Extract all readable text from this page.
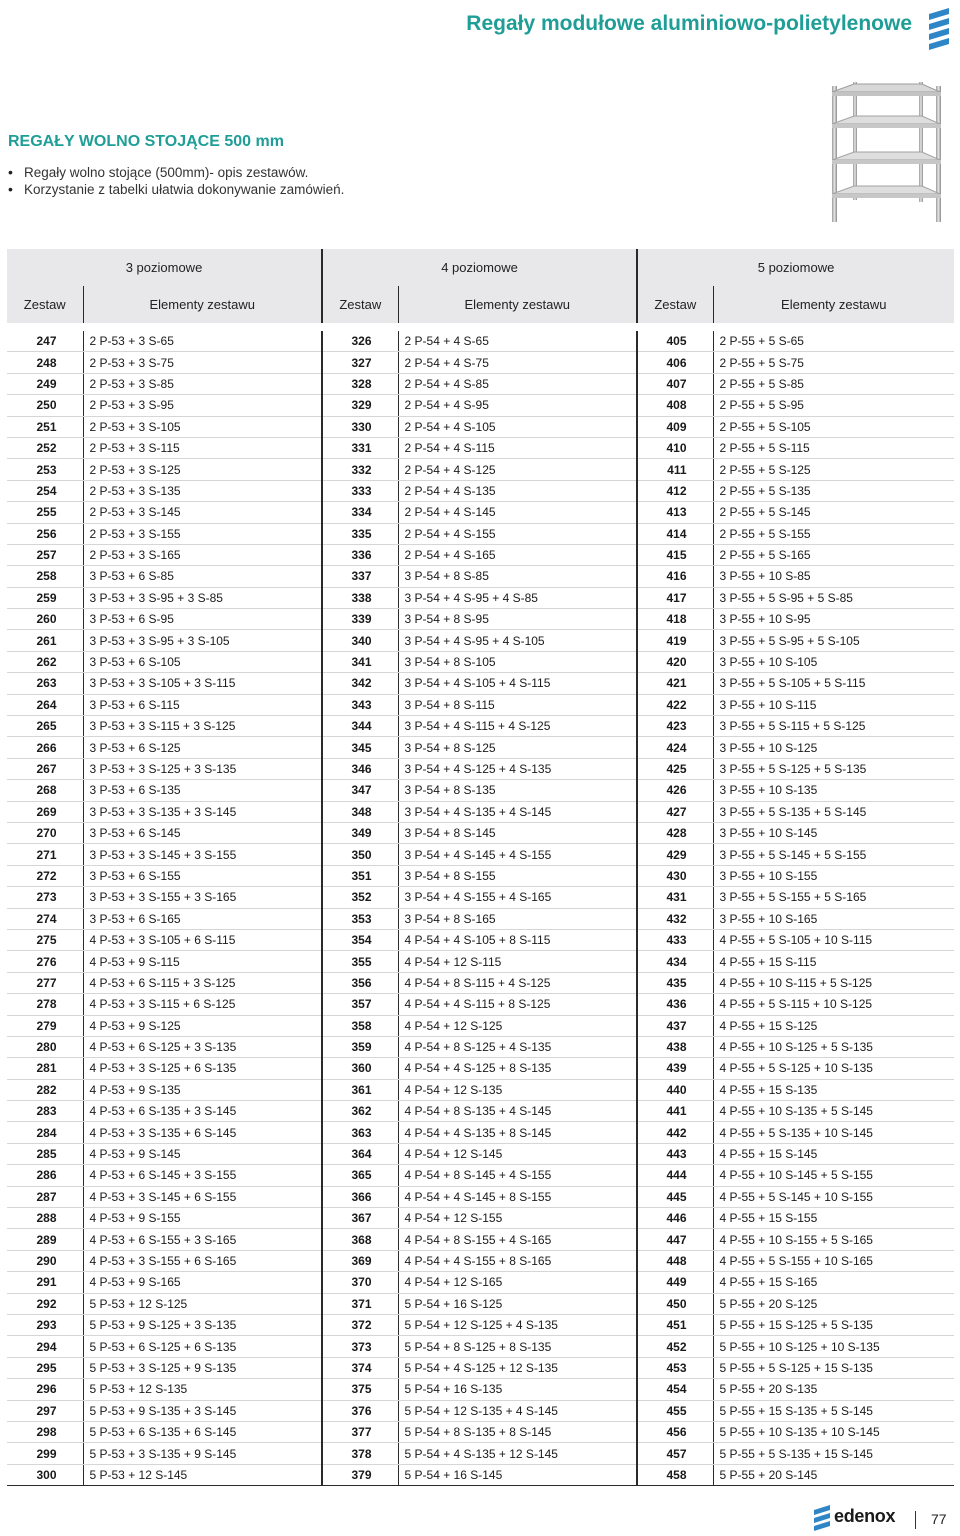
Regały modułowe aluminiowo-polietylenowe
REGAŁY WOLNO STOJĄCE 500 mm
• Regały wolno stojące (500mm)- opis zestawów.
• Korzystanie z tabelki ułatwia dokonywanie zamówień.
3 poziomowe		4 poziomowe		5 poziomowe	
Zestaw	Elementy zestawu	Zestaw	Elementy zestawu	Zestaw	Elementy zestawu

247	2 P-53 + 3 S-65	326	2 P-54 + 4 S-65	405	2 P-55 + 5 S-65
248	2 P-53 + 3 S-75	327	2 P-54 + 4 S-75	406	2 P-55 + 5 S-75
249	2 P-53 + 3 S-85	328	2 P-54 + 4 S-85	407	2 P-55 + 5 S-85
250	2 P-53 + 3 S-95	329	2 P-54 + 4 S-95	408	2 P-55 + 5 S-95
251	2 P-53 + 3 S-105	330	2 P-54 + 4 S-105	409	2 P-55 + 5 S-105
252	2 P-53 + 3 S-115	331	2 P-54 + 4 S-115	410	2 P-55 + 5 S-115
253	2 P-53 + 3 S-125	332	2 P-54 + 4 S-125	411	2 P-55 + 5 S-125
254	2 P-53 + 3 S-135	333	2 P-54 + 4 S-135	412	2 P-55 + 5 S-135
255	2 P-53 + 3 S-145	334	2 P-54 + 4 S-145	413	2 P-55 + 5 S-145
256	2 P-53 + 3 S-155	335	2 P-54 + 4 S-155	414	2 P-55 + 5 S-155
257	2 P-53 + 3 S-165	336	2 P-54 + 4 S-165	415	2 P-55 + 5 S-165
258	3 P-53 + 6 S-85	337	3 P-54 + 8 S-85	416	3 P-55 + 10 S-85
259	3 P-53 + 3 S-95 + 3 S-85	338	3 P-54 + 4 S-95 + 4 S-85	417	3 P-55 + 5 S-95 + 5 S-85
260	3 P-53 + 6 S-95	339	3 P-54 + 8 S-95	418	3 P-55 + 10 S-95
261	3 P-53 + 3 S-95 + 3 S-105	340	3 P-54 + 4 S-95 + 4 S-105	419	3 P-55 + 5 S-95 + 5 S-105
262	3 P-53 + 6 S-105	341	3 P-54 + 8 S-105	420	3 P-55 + 10 S-105
263	3 P-53 + 3 S-105 + 3 S-115	342	3 P-54 + 4 S-105 + 4 S-115	421	3 P-55 + 5 S-105 + 5 S-115
264	3 P-53 + 6 S-115	343	3 P-54 + 8 S-115	422	3 P-55 + 10 S-115
265	3 P-53 + 3 S-115 + 3 S-125	344	3 P-54 + 4 S-115 + 4 S-125	423	3 P-55 + 5 S-115 + 5 S-125
266	3 P-53 + 6 S-125	345	3 P-54 + 8 S-125	424	3 P-55 + 10 S-125
267	3 P-53 + 3 S-125 + 3 S-135	346	3 P-54 + 4 S-125 + 4 S-135	425	3 P-55 + 5 S-125 + 5 S-135
268	3 P-53 + 6 S-135	347	3 P-54 + 8 S-135	426	3 P-55 + 10 S-135
269	3 P-53 + 3 S-135 + 3 S-145	348	3 P-54 + 4 S-135 + 4 S-145	427	3 P-55 + 5 S-135 + 5 S-145
270	3 P-53 + 6 S-145	349	3 P-54 + 8 S-145	428	3 P-55 + 10 S-145
271	3 P-53 + 3 S-145 + 3 S-155	350	3 P-54 + 4 S-145 + 4 S-155	429	3 P-55 + 5 S-145 + 5 S-155
272	3 P-53 + 6 S-155	351	3 P-54 + 8 S-155	430	3 P-55 + 10 S-155
273	3 P-53 + 3 S-155 + 3 S-165	352	3 P-54 + 4 S-155 + 4 S-165	431	3 P-55 + 5 S-155 + 5 S-165
274	3 P-53 + 6 S-165	353	3 P-54 + 8 S-165	432	3 P-55 + 10 S-165
275	4 P-53 + 3 S-105 + 6 S-115	354	4 P-54 + 4 S-105 + 8 S-115	433	4 P-55 + 5 S-105 + 10 S-115
276	4 P-53 + 9 S-115	355	4 P-54 + 12 S-115	434	4 P-55 + 15 S-115
277	4 P-53 + 6 S-115 + 3 S-125	356	4 P-54 + 8 S-115 + 4 S-125	435	4 P-55 + 10 S-115 + 5 S-125
278	4 P-53 + 3 S-115 + 6 S-125	357	4 P-54 + 4 S-115 + 8 S-125	436	4 P-55 + 5 S-115 + 10 S-125
279	4 P-53 + 9 S-125	358	4 P-54 + 12 S-125	437	4 P-55 + 15 S-125
280	4 P-53 + 6 S-125 + 3 S-135	359	4 P-54 + 8 S-125 + 4 S-135	438	4 P-55 + 10 S-125 + 5 S-135
281	4 P-53 + 3 S-125 + 6 S-135	360	4 P-54 + 4 S-125 + 8 S-135	439	4 P-55 + 5 S-125 + 10 S-135
282	4 P-53 + 9 S-135	361	4 P-54 + 12 S-135	440	4 P-55 + 15 S-135
283	4 P-53 + 6 S-135 + 3 S-145	362	4 P-54 + 8 S-135 + 4 S-145	441	4 P-55 + 10 S-135 + 5 S-145
284	4 P-53 + 3 S-135 + 6 S-145	363	4 P-54 + 4 S-135 + 8 S-145	442	4 P-55 + 5 S-135 + 10 S-145
285	4 P-53 + 9 S-145	364	4 P-54 + 12 S-145	443	4 P-55 + 15 S-145
286	4 P-53 + 6 S-145 + 3 S-155	365	4 P-54 + 8 S-145 + 4 S-155	444	4 P-55 + 10 S-145 + 5 S-155
287	4 P-53 + 3 S-145 + 6 S-155	366	4 P-54 + 4 S-145 + 8 S-155	445	4 P-55 + 5 S-145 + 10 S-155
288	4 P-53 + 9 S-155	367	4 P-54 + 12 S-155	446	4 P-55 + 15 S-155
289	4 P-53 + 6 S-155 + 3 S-165	368	4 P-54 + 8 S-155 + 4 S-165	447	4 P-55 + 10 S-155 + 5 S-165
290	4 P-53 + 3 S-155 + 6 S-165	369	4 P-54 + 4 S-155 + 8 S-165	448	4 P-55 + 5 S-155 + 10 S-165
291	4 P-53 + 9 S-165	370	4 P-54 + 12 S-165	449	4 P-55 + 15 S-165
292	5 P-53 + 12 S-125	371	5 P-54 + 16 S-125	450	5 P-55 + 20 S-125
293	5 P-53 + 9 S-125 + 3 S-135	372	5 P-54 + 12 S-125 + 4 S-135	451	5 P-55 + 15 S-125 + 5 S-135
294	5 P-53 + 6 S-125 + 6 S-135	373	5 P-54 + 8 S-125 + 8 S-135	452	5 P-55 + 10 S-125 + 10 S-135
295	5 P-53 + 3 S-125 + 9 S-135	374	5 P-54 + 4 S-125 + 12 S-135	453	5 P-55 + 5 S-125 + 15 S-135
296	5 P-53 + 12 S-135	375	5 P-54 + 16 S-135	454	5 P-55 + 20 S-135
297	5 P-53 + 9 S-135 + 3 S-145	376	5 P-54 + 12 S-135 + 4 S-145	455	5 P-55 + 15 S-135 + 5 S-145
298	5 P-53 + 6 S-135 + 6 S-145	377	5 P-54 + 8 S-135 + 8 S-145	456	5 P-55 + 10 S-135 + 10 S-145
299	5 P-53 + 3 S-135 + 9 S-145	378	5 P-54 + 4 S-135 + 12 S-145	457	5 P-55 + 5 S-135 + 15 S-145
300	5 P-53 + 12 S-145	379	5 P-54 + 16 S-145	458	5 P-55 + 20 S-145
edenox	77
